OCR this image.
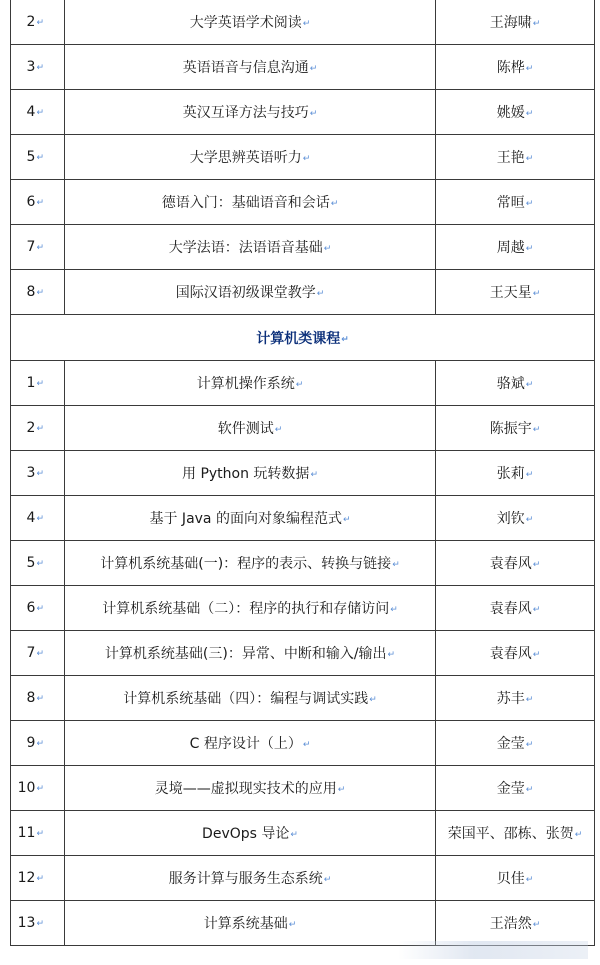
2↵	大学英语学术阅读↵	王海啸↵
3↵	英语语音与信息沟通↵	陈桦↵
4↵	英汉互译方法与技巧↵	姚媛↵
5↵	大学思辨英语听力↵	王艳↵
6↵	德语入门：基础语音和会话↵	常晅↵
7↵	大学法语：法语语音基础↵	周越↵
8↵	国际汉语初级课堂教学↵	王天星↵
计算机类课程↵		
1↵	计算机操作系统↵	骆斌↵
2↵	软件测试↵	陈振宇↵
3↵	用 Python 玩转数据↵	张莉↵
4↵	基于 Java 的面向对象编程范式↵	刘钦↵
5↵	计算机系统基础(一)：程序的表示、转换与链接↵	袁春风↵
6↵	计算机系统基础（二）：程序的执行和存储访问↵	袁春风↵
7↵	计算机系统基础(三)：异常、中断和输入/输出↵	袁春风↵
8↵	计算机系统基础（四）：编程与调试实践↵	苏丰↵
9↵	C 程序设计（上）↵	金莹↵
10↵	灵境——虚拟现实技术的应用↵	金莹↵
11↵	DevOps 导论↵	荣国平、邵栋、张贺↵
12↵	服务计算与服务生态系统↵	贝佳↵
13↵	计算系统基础↵	王浩然↵
